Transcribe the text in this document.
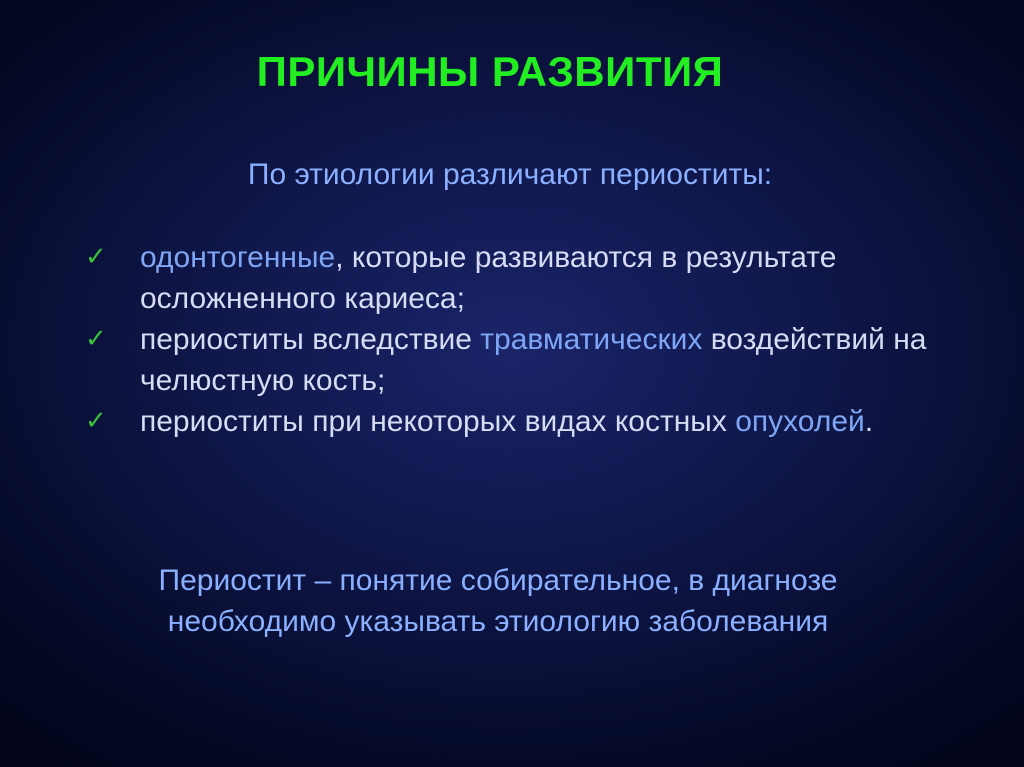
ПРИЧИНЫ РАЗВИТИЯ
По этиологии различают периоститы:
✓ одонтогенные, которые развиваются в результате осложненного кариеса;
✓ периоститы вследствие травматических воздействий на челюстную кость;
✓ периоститы при некоторых видах костных опухолей.
Периостит – понятие собирательное, в диагнозе
необходимо указывать этиологию заболевания
